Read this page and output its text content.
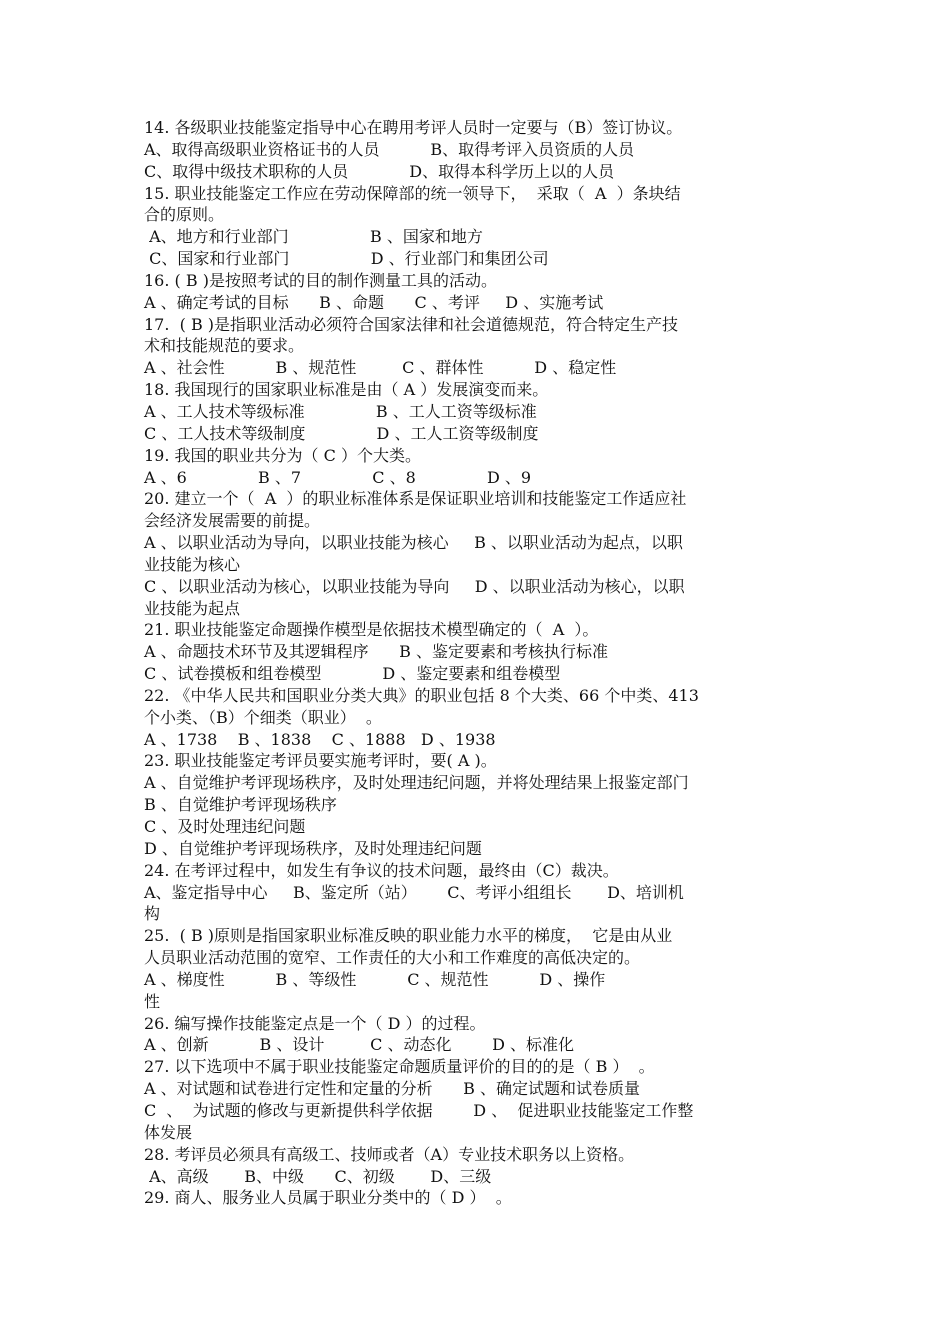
14. 各级职业技能鉴定指导中心在聘用考评人员时一定要与（B）签订协议。
A、取得高级职业资格证书的人员          B、取得考评入员资质的人员
C、取得中级技术职称的人员            D、取得本科学历上以的人员
15. 职业技能鉴定工作应在劳动保障部的统一领导下，  采取（  A  ）条块结
合的原则。
A、地方和行业部门                B 、国家和地方
C、国家和行业部门                D 、行业部门和集团公司
16. ( B )是按照考试的目的制作测量工具的活动。
A 、确定考试的目标      B 、命题      C 、考评     D 、实施考试
17.  ( B )是指职业活动必须符合国家法律和社会道德规范，符合特定生产技
术和技能规范的要求。
A 、社会性          B 、规范性         C 、群体性          D 、稳定性
18. 我国现行的国家职业标准是由（ A ）发展演变而来。
A 、工人技术等级标准              B 、工人工资等级标准
C 、工人技术等级制度              D 、工人工资等级制度
19. 我国的职业共分为（ C ）个大类。
A 、6              B 、7              C 、8              D 、9
20. 建立一个（  A  ）的职业标准体系是保证职业培训和技能鉴定工作适应社
会经济发展需要的前提。
A 、以职业活动为导向，以职业技能为核心     B 、以职业活动为起点，以职
业技能为核心
C 、以职业活动为核心，以职业技能为导向     D 、以职业活动为核心，以职
业技能为起点
21. 职业技能鉴定命题操作模型是依据技术模型确定的（  A  ）。
A 、命题技术环节及其逻辑程序      B 、鉴定要素和考核执行标准
C 、试卷摸板和组卷模型            D 、鉴定要素和组卷模型
22. 《中华人民共和国职业分类大典》的职业包括 8 个大类、66 个中类、413
个小类、（B）个细类（职业）  。
A 、1738    B 、1838    C 、1888   D 、1938
23. 职业技能鉴定考评员要实施考评时，要( A )。
A 、自觉维护考评现场秩序，及时处理违纪问题，并将处理结果上报鉴定部门
B 、自觉维护考评现场秩序
C 、及时处理违纪问题
D 、自觉维护考评现场秩序，及时处理违纪问题
24. 在考评过程中，如发生有争议的技术问题，最终由（C）裁决。
A、鉴定指导中心     B、鉴定所（站）      C、考评小组组长       D、培训机
构
25.  ( B )原则是指国家职业标准反映的职业能力水平的梯度，  它是由从业
人员职业活动范围的宽窄、工作责任的大小和工作难度的高低决定的。
A 、梯度性          B 、等级性          C 、规范性          D 、操作
性
26. 编写操作技能鉴定点是一个（ D ）的过程。
A 、创新          B 、设计         C 、动态化        D 、标准化
27. 以下选项中不属于职业技能鉴定命题质量评价的目的的是（ B ）  。
A 、对试题和试卷进行定性和定量的分析      B 、确定试题和试卷质量
C  、  为试题的修改与更新提供科学依据        D 、  促进职业技能鉴定工作整
体发展
28. 考评员必须具有高级工、技师或者（A）专业技术职务以上资格。
A、高级       B、中级      C、初级       D、三级
29. 商人、服务业人员属于职业分类中的（ D ）  。
